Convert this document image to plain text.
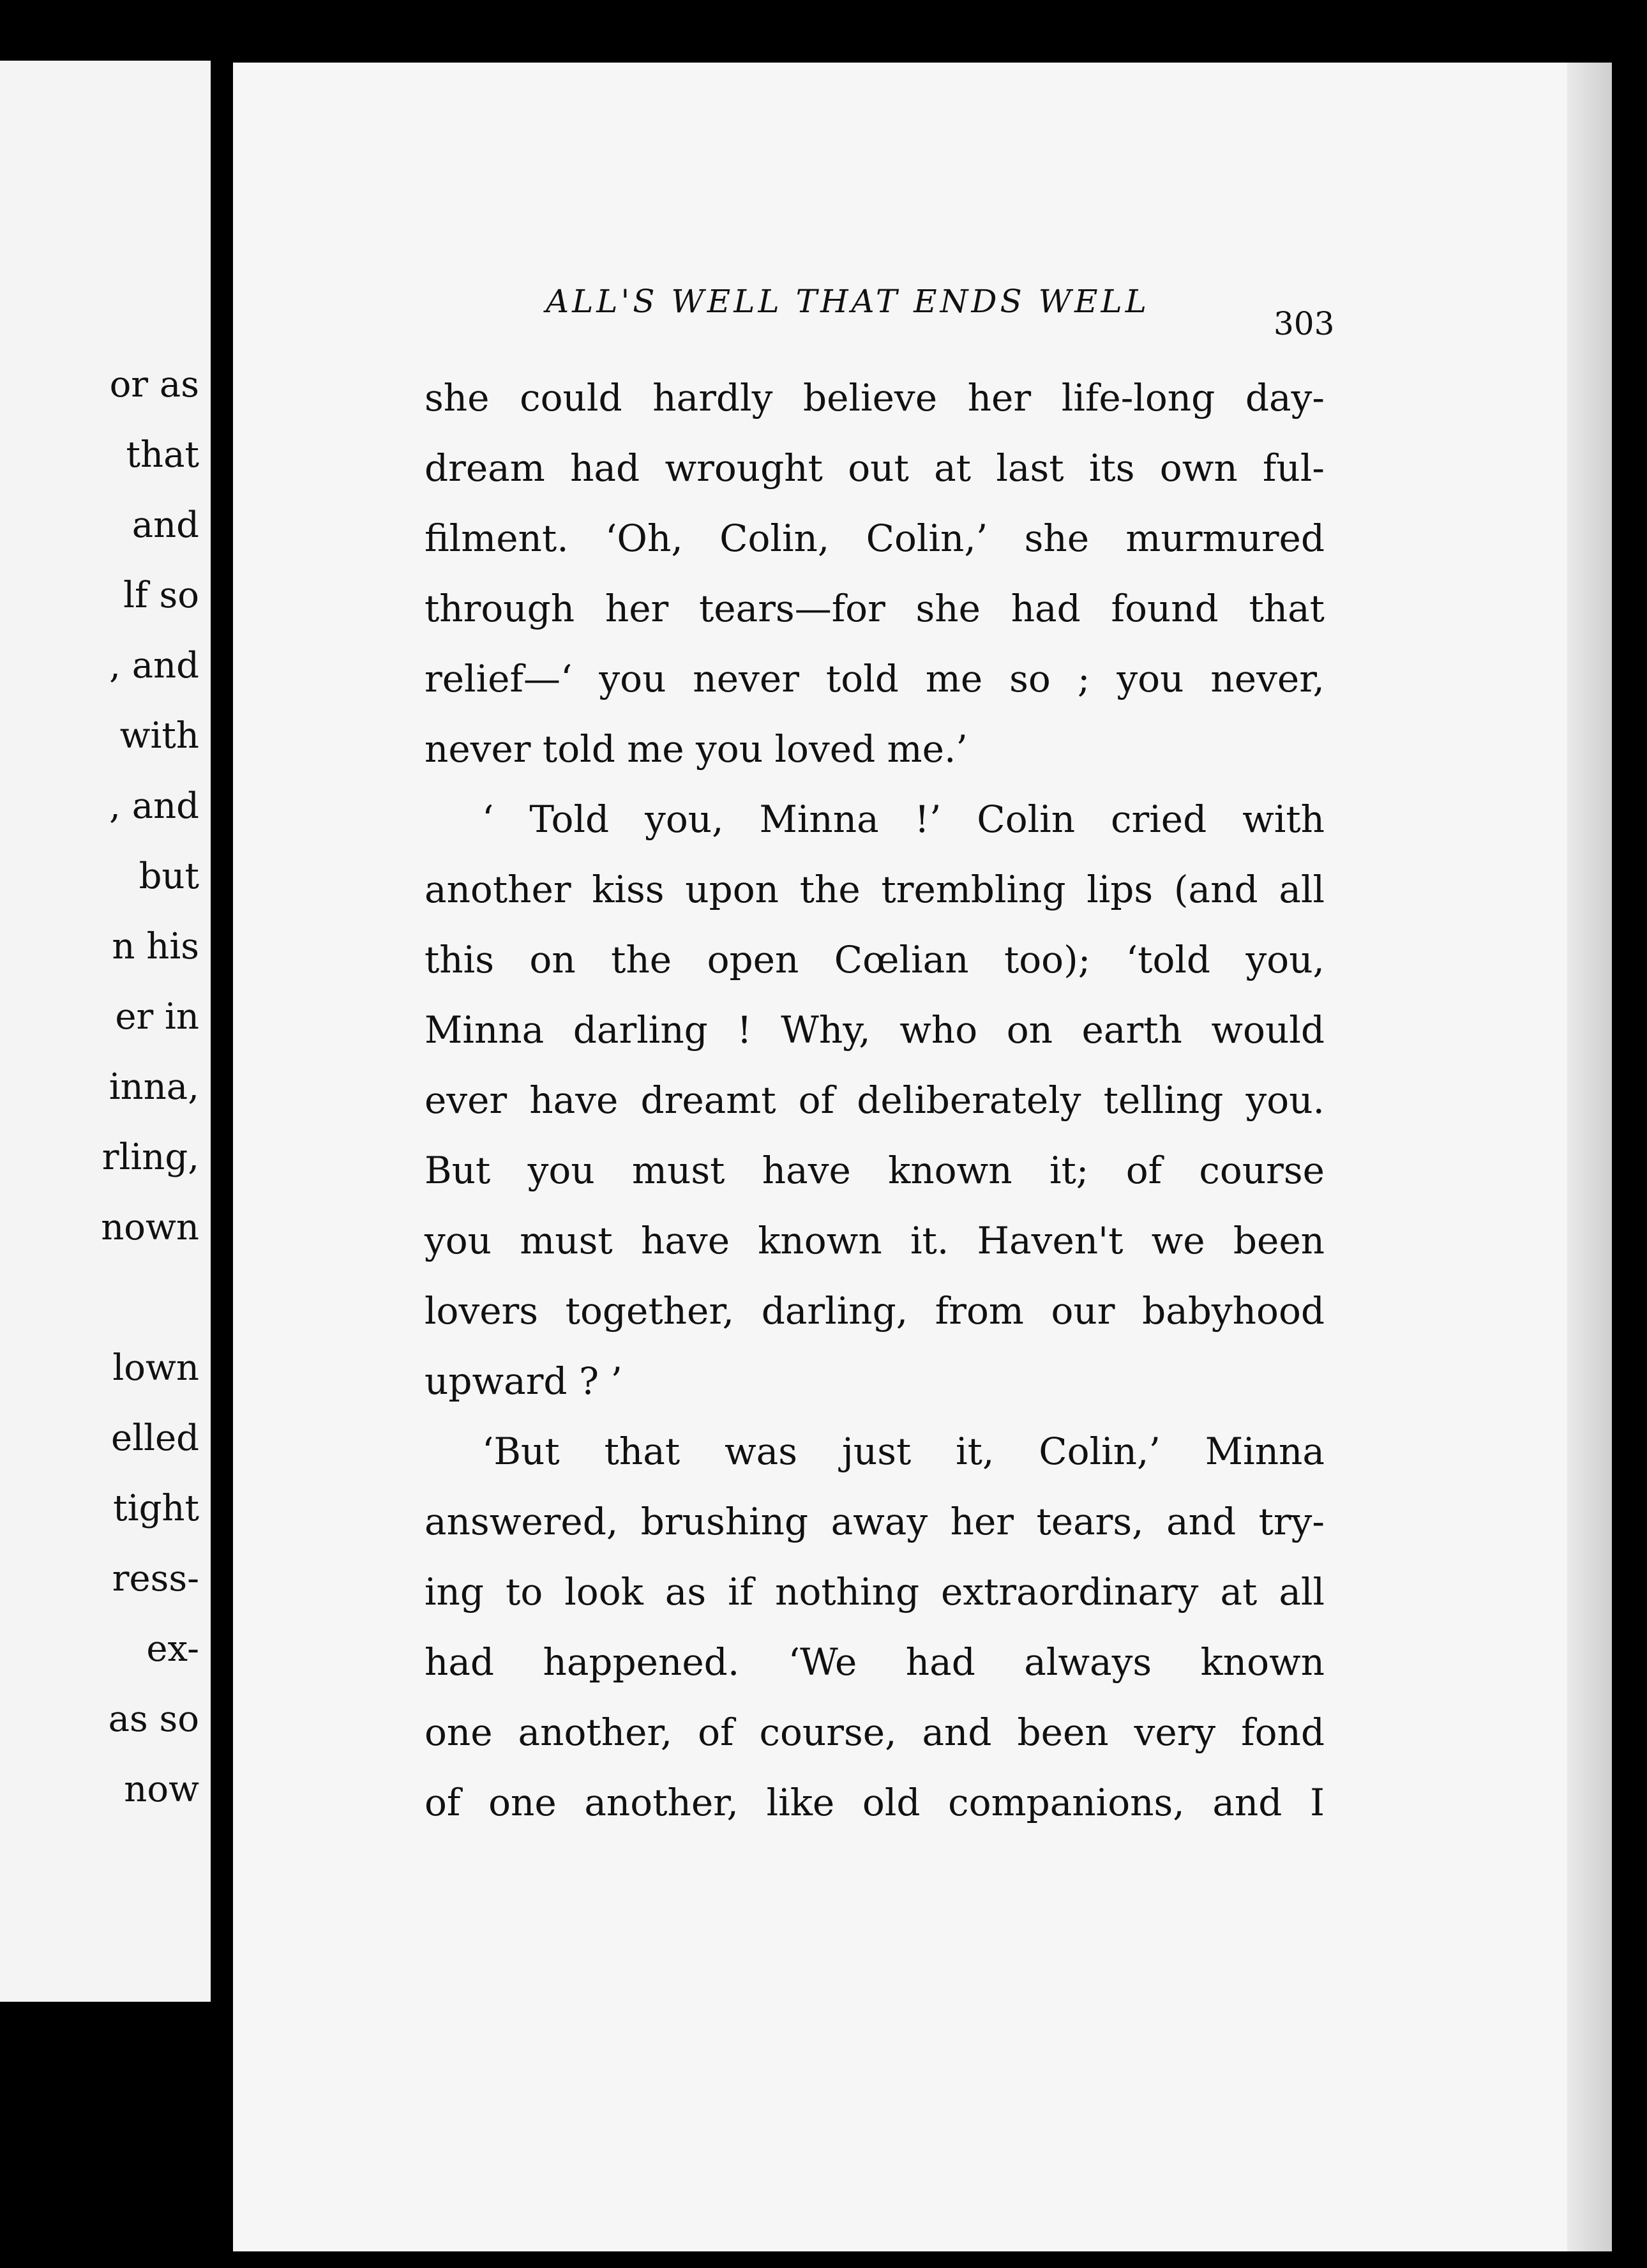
or as
that
and
lf so
, and
with
, and
but
n his
er in
inna,
rling,
nown
lown
elled
tight
ress-
ex-
as so
now
ALL'S WELL THAT ENDS WELL
303
she could hardly believe her life-long day-
dream had wrought out at last its own ful-
filment. ‘Oh, Colin, Colin,’ she murmured
through her tears—for she had found that
relief—‘ you never told me so ; you never,
never told me you loved me.’
‘ Told you, Minna !’ Colin cried with
another kiss upon the trembling lips (and all
this on the open Cœlian too); ‘told you,
Minna darling ! Why, who on earth would
ever have dreamt of deliberately telling you.
But you must have known it; of course
you must have known it. Haven't we been
lovers together, darling, from our babyhood
upward ? ’
‘But that was just it, Colin,’ Minna
answered, brushing away her tears, and try-
ing to look as if nothing extraordinary at all
had happened. ‘We had always known
one another, of course, and been very fond
of one another, like old companions, and I
